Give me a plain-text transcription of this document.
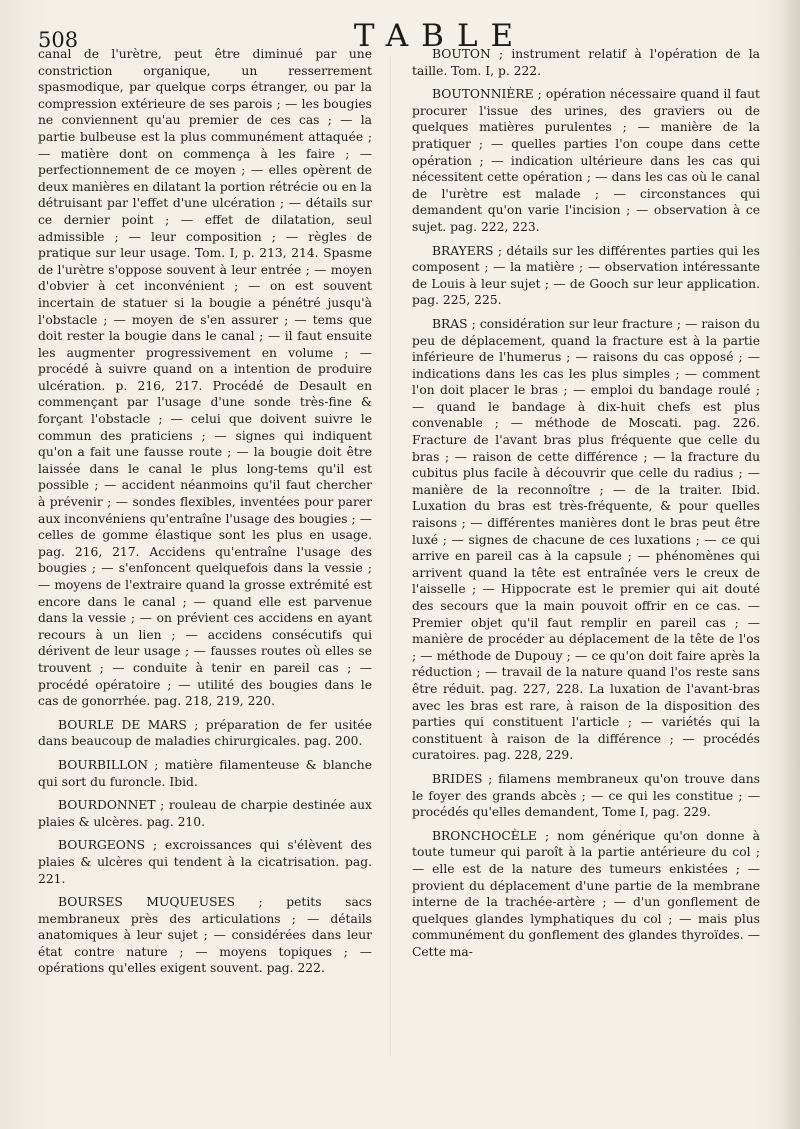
508	TABLE

canal de l'urètre, peut être diminué par une constriction organique, un resserrement spasmodique, par quelque corps étranger, ou par la compression extérieure de ses parois ; — les bougies ne conviennent qu'au premier de ces cas ; — la partie bulbeuse est la plus communément attaquée ; — matière dont on commença à les faire ; — perfectionnement de ce moyen ; — elles opèrent de deux manières en dilatant la portion rétrécie ou en la détruisant par l'effet d'une ulcération ; — détails sur ce dernier point ; — effet de dilatation, seul admissible ; — leur composition ; — règles de pratique sur leur usage. Tom. I, p. 213, 214. Spasme de l'urètre s'oppose souvent à leur entrée ; — moyen d'obvier à cet inconvénient ; — on est souvent incertain de statuer si la bougie a pénétré jusqu'à l'obstacle ; — moyen de s'en assurer ; — tems que doit rester la bougie dans le canal ; — il faut ensuite les augmenter progressivement en volume ; — procédé à suivre quand on a intention de produire ulcération. p. 216, 217. Procédé de Desault en commençant par l'usage d'une sonde très-fine & forçant l'obstacle ; — celui que doivent suivre le commun des praticiens ; — signes qui indiquent qu'on a fait une fausse route ; — la bougie doit être laissée dans le canal le plus long-tems qu'il est possible ; — accident néanmoins qu'il faut chercher à prévenir ; — sondes flexibles, inventées pour parer aux inconvéniens qu'entraîne l'usage des bougies ; — celles de gomme élastique sont les plus en usage. pag. 216, 217. Accidens qu'entraîne l'usage des bougies ; — s'enfoncent quelquefois dans la vessie ; — moyens de l'extraire quand la grosse extrémité est encore dans le canal ; — quand elle est parvenue dans la vessie ; — on prévient ces accidens en ayant recours à un lien ; — accidens consécutifs qui dérivent de leur usage ; — fausses routes où elles se trouvent ; — conduite à tenir en pareil cas ; — procédé opératoire ; — utilité des bougies dans le cas de gonorrhée. pag. 218, 219, 220.

BOURLE DE MARS ; préparation de fer usitée dans beaucoup de maladies chirurgicales. pag. 200.

BOURBILLON ; matière filamenteuse & blanche qui sort du furoncle. Ibid.

BOURDONNET ; rouleau de charpie destinée aux plaies & ulcères. pag. 210.

BOURGEONS ; excroissances qui s'élèvent des plaies & ulcères qui tendent à la cicatrisation. pag. 221.

BOURSES MUQUEUSES ; petits sacs membraneux près des articulations ; — détails anatomiques à leur sujet ; — considérées dans leur état contre nature ; — moyens topiques ; — opérations qu'elles exigent souvent. pag. 222.

BOUTON ; instrument relatif à l'opération de la taille. Tom. I, p. 222.

BOUTONNIÈRE ; opération nécessaire quand il faut procurer l'issue des urines, des graviers ou de quelques matières purulentes ; — manière de la pratiquer ; — quelles parties l'on coupe dans cette opération ; — indication ultérieure dans les cas qui nécessitent cette opération ; — dans les cas où le canal de l'urètre est malade ; — circonstances qui demandent qu'on varie l'incision ; — observation à ce sujet. pag. 222, 223.

BRAYERS ; détails sur les différentes parties qui les composent ; — la matière ; — observation intéressante de Louis à leur sujet ; — de Gooch sur leur application. pag. 225, 225.

BRAS ; considération sur leur fracture ; — raison du peu de déplacement, quand la fracture est à la partie inférieure de l'humerus ; — raisons du cas opposé ; — indications dans les cas les plus simples ; — comment l'on doit placer le bras ; — emploi du bandage roulé ; — quand le bandage à dix-huit chefs est plus convenable ; — méthode de Moscati. pag. 226. Fracture de l'avant bras plus fréquente que celle du bras ; — raison de cette différence ; — la fracture du cubitus plus facile à découvrir que celle du radius ; — manière de la reconnoître ; — de la traiter. Ibid. Luxation du bras est très-fréquente, & pour quelles raisons ; — différentes manières dont le bras peut être luxé ; — signes de chacune de ces luxations ; — ce qui arrive en pareil cas à la capsule ; — phénomènes qui arrivent quand la tête est entraînée vers le creux de l'aisselle ; — Hippocrate est le premier qui ait douté des secours que la main pouvoit offrir en ce cas. — Premier objet qu'il faut remplir en pareil cas ; — manière de procéder au déplacement de la tête de l'os ; — méthode de Dupouy ; — ce qu'on doit faire après la réduction ; — travail de la nature quand l'os reste sans être réduit. pag. 227, 228. La luxation de l'avant-bras avec les bras est rare, à raison de la disposition des parties qui constituent l'article ; — variétés qui la constituent à raison de la différence ; — procédés curatoires. pag. 228, 229.

BRIDES ; filamens membraneux qu'on trouve dans le foyer des grands abcès ; — ce qui les constitue ; — procédés qu'elles demandent, Tome I, pag. 229.

BRONCHOCÈLE ; nom générique qu'on donne à toute tumeur qui paroît à la partie antérieure du col ; — elle est de la nature des tumeurs enkistées ; — provient du déplacement d'une partie de la membrane interne de la trachée-artère ; — d'un gonflement de quelques glandes lymphatiques du col ; — mais plus communément du gonflement des glandes thyroïdes. — Cette ma-
